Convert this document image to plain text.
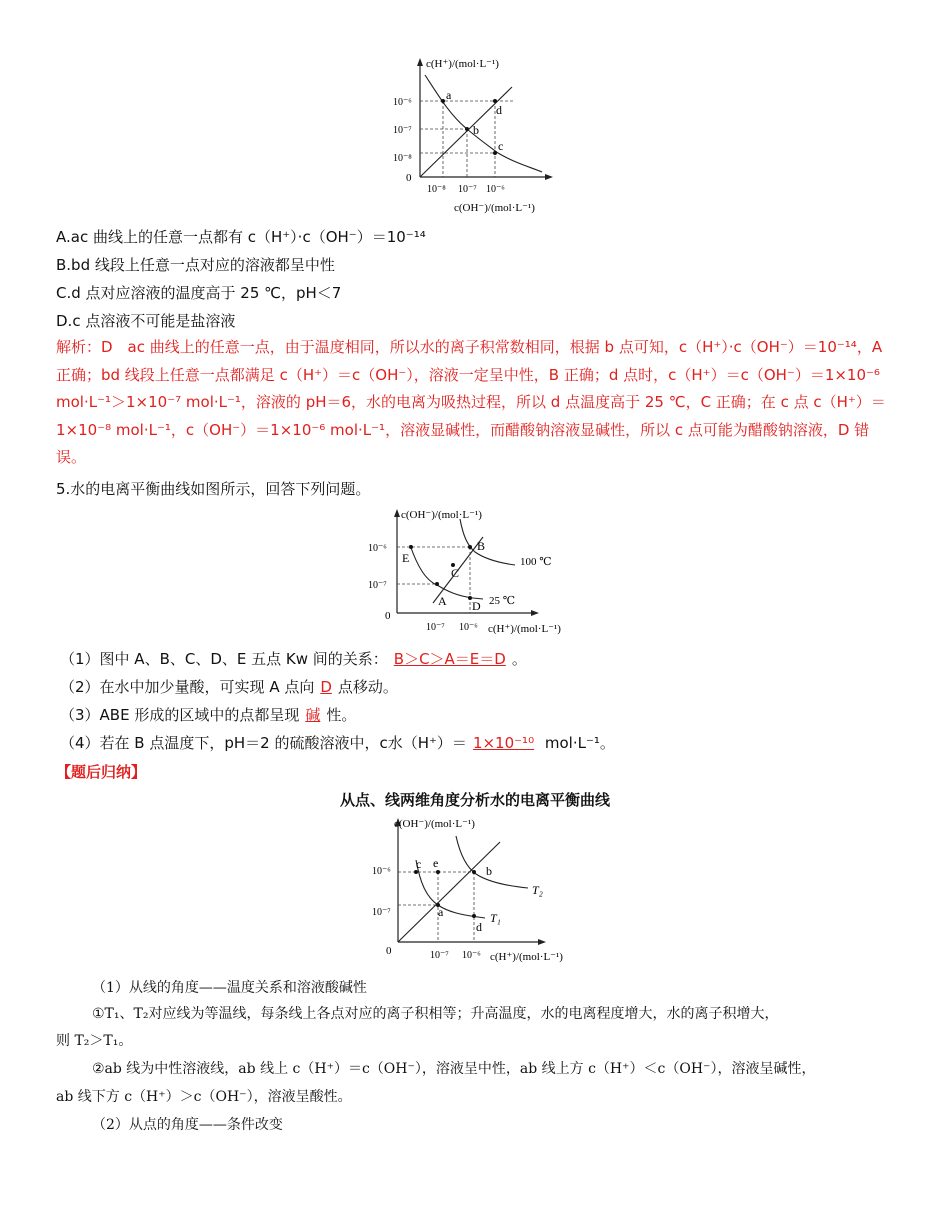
c(H⁺)/(mol·L⁻¹)
0
10⁻⁶
10⁻⁷
10⁻⁸
10⁻⁸ 10⁻⁷ 10⁻⁶
c(OH⁻)/(mol·L⁻¹)
a
b
c
d
A.ac 曲线上的任意一点都有 c（H⁺）·c（OH⁻）＝10⁻¹⁴
B.bd 线段上任意一点对应的溶液都呈中性
C.d 点对应溶液的温度高于 25 ℃，pH＜7
D.c 点溶液不可能是盐溶液
解析：D　ac 曲线上的任意一点，由于温度相同，所以水的离子积常数相同，根据 b 点可知，c（H⁺）·c（OH⁻）＝10⁻¹⁴，A 正确；bd 线段上任意一点都满足 c（H⁺）＝c（OH⁻），溶液一定呈中性，B 正确；d 点时，c（H⁺）＝c（OH⁻）＝1×10⁻⁶ mol·L⁻¹＞1×10⁻⁷ mol·L⁻¹，溶液的 pH＝6，水的电离为吸热过程，所以 d 点温度高于 25 ℃，C 正确；在 c 点 c（H⁺）＝1×10⁻⁸ mol·L⁻¹，c（OH⁻）＝1×10⁻⁶ mol·L⁻¹，溶液显碱性，而醋酸钠溶液显碱性，所以 c 点可能为醋酸钠溶液，D 错误。
5.水的电离平衡曲线如图所示，回答下列问题。
c(OH⁻)/(mol·L⁻¹)
0
10⁻⁶
10⁻⁷
10⁻⁷ 10⁻⁶ c(H⁺)/(mol·L⁻¹)
E
B
C
A D
100 ℃
25 ℃
（1）图中 A、B、C、D、E 五点 Kw 间的关系： B＞C＞A＝E＝D 。
（2）在水中加少量酸，可实现 A 点向 D 点移动。
（3）ABE 形成的区域中的点都呈现 碱 性。
（4）若在 B 点温度下，pH＝2 的硫酸溶液中，c水（H⁺）＝ 1×10⁻¹⁰ mol·L⁻¹。
【题后归纳】
从点、线两维角度分析水的电离平衡曲线
c(OH⁻)/(mol·L⁻¹)
0
10⁻⁶
10⁻⁷
10⁻⁷ 10⁻⁶ c(H⁺)/(mol·L⁻¹)
c e
b
a
d
T₂
T₁
（1）从线的角度——温度关系和溶液酸碱性
①T₁、T₂对应线为等温线，每条线上各点对应的离子积相等；升高温度，水的电离程度增大，水的离子积增大，
则 T₂＞T₁。
②ab 线为中性溶液线，ab 线上 c（H⁺）＝c（OH⁻），溶液呈中性，ab 线上方 c（H⁺）＜c（OH⁻），溶液呈碱性，
ab 线下方 c（H⁺）＞c（OH⁻），溶液呈酸性。
（2）从点的角度——条件改变
